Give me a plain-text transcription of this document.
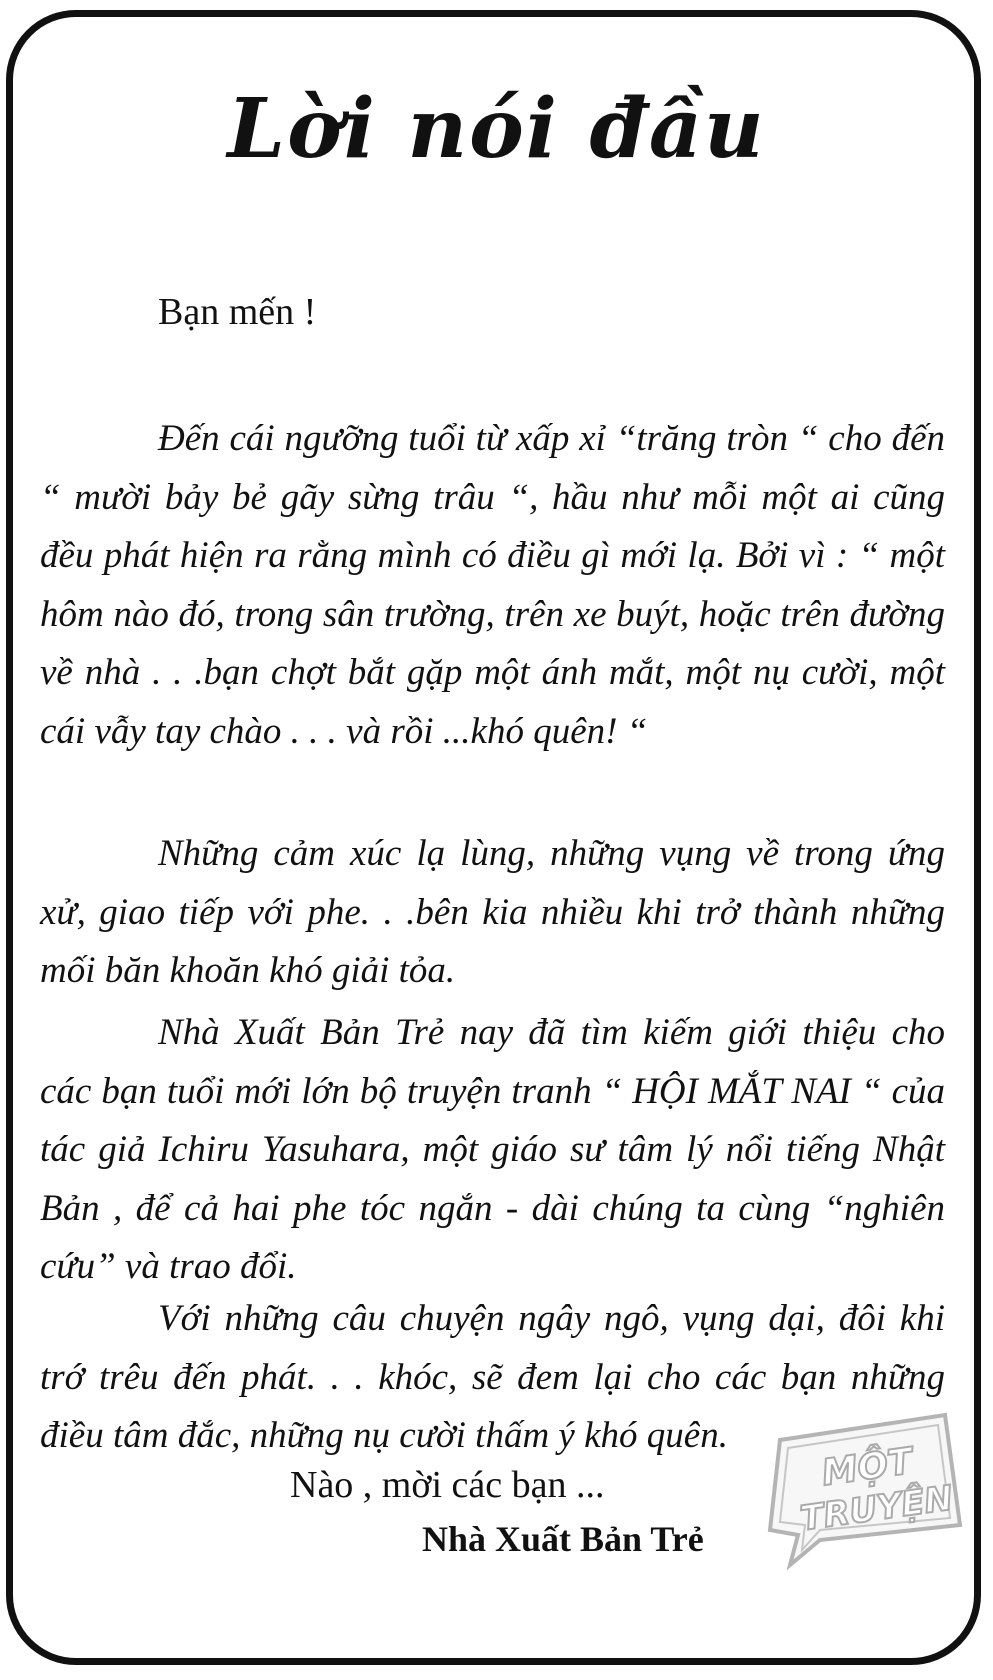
Lời nói đầu
Bạn mến !

Đến cái ngưỡng tuổi từ xấp xỉ “trăng tròn “ cho đến “ mười bảy bẻ gãy sừng trâu “, hầu như mỗi một ai cũng đều phát hiện ra rằng mình có điều gì mới lạ. Bởi vì : “ một hôm nào đó, trong sân trường, trên xe buýt, hoặc trên đường về nhà . . .bạn chợt bắt gặp một ánh mắt, một nụ cười, một cái vẫy tay chào . . . và rồi ...khó quên! “

Những cảm xúc lạ lùng, những vụng về trong ứng xử, giao tiếp với phe. . .bên kia nhiều khi trở thành những mối băn khoăn khó giải tỏa.

Nhà Xuất Bản Trẻ nay đã tìm kiếm giới thiệu cho các bạn tuổi mới lớn bộ truyện tranh “ HỘI MẮT NAI “ của tác giả Ichiru Yasuhara, một giáo sư tâm lý nổi tiếng Nhật Bản , để cả hai phe tóc ngắn - dài chúng ta cùng “nghiên cứu” và trao đổi.

Với những câu chuyện ngây ngô, vụng dại, đôi khi trớ trêu đến phát. . . khóc, sẽ đem lại cho các bạn những điều tâm đắc, những nụ cười thấm ý khó quên.

Nào , mời các bạn ...
Nhà Xuất Bản Trẻ
MỘT
TRUYỆN
